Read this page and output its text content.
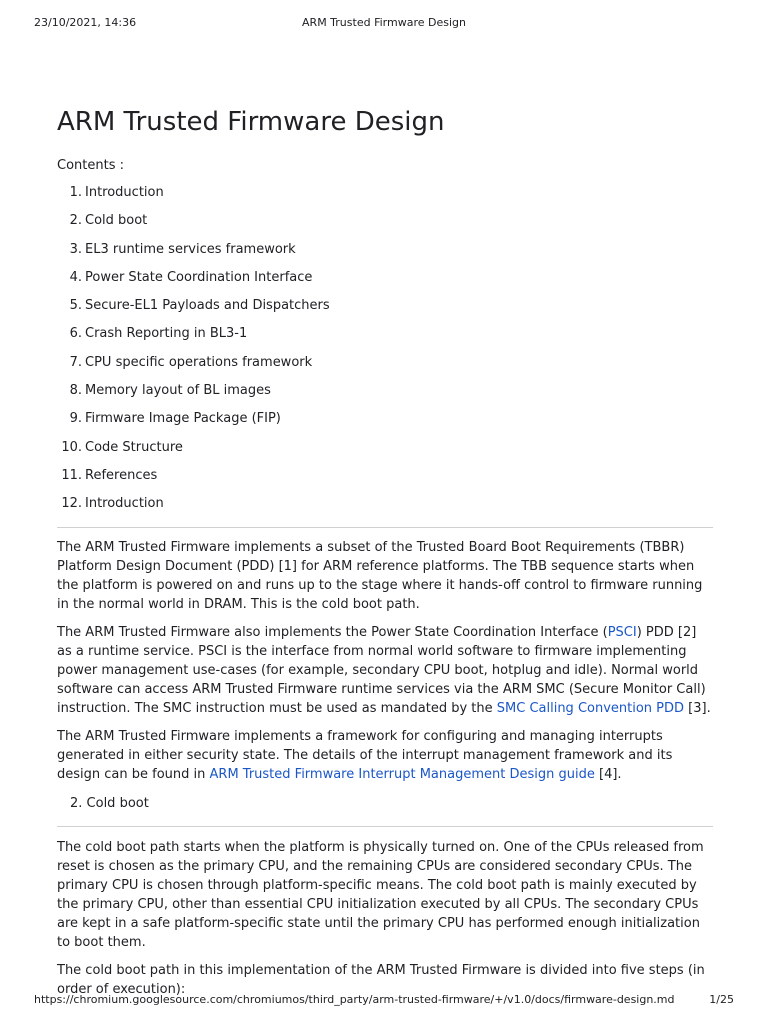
23/10/2021, 14:36	ARM Trusted Firmware Design
ARM Trusted Firmware Design
Contents :
1. Introduction
2. Cold boot
3. EL3 runtime services framework
4. Power State Coordination Interface
5. Secure-EL1 Payloads and Dispatchers
6. Crash Reporting in BL3-1
7. CPU specific operations framework
8. Memory layout of BL images
9. Firmware Image Package (FIP)
10. Code Structure
11. References
12. Introduction

The ARM Trusted Firmware implements a subset of the Trusted Board Boot Requirements (TBBR) Platform Design Document (PDD) [1] for ARM reference platforms. The TBB sequence starts when the platform is powered on and runs up to the stage where it hands-off control to firmware running in the normal world in DRAM. This is the cold boot path.

The ARM Trusted Firmware also implements the Power State Coordination Interface (PSCI) PDD [2] as a runtime service. PSCI is the interface from normal world software to firmware implementing power management use-cases (for example, secondary CPU boot, hotplug and idle). Normal world software can access ARM Trusted Firmware runtime services via the ARM SMC (Secure Monitor Call) instruction. The SMC instruction must be used as mandated by the SMC Calling Convention PDD [3].

The ARM Trusted Firmware implements a framework for configuring and managing interrupts generated in either security state. The details of the interrupt management framework and its design can be found in ARM Trusted Firmware Interrupt Management Design guide [4].

2. Cold boot

The cold boot path starts when the platform is physically turned on. One of the CPUs released from reset is chosen as the primary CPU, and the remaining CPUs are considered secondary CPUs. The primary CPU is chosen through platform-specific means. The cold boot path is mainly executed by the primary CPU, other than essential CPU initialization executed by all CPUs. The secondary CPUs are kept in a safe platform-specific state until the primary CPU has performed enough initialization to boot them.

The cold boot path in this implementation of the ARM Trusted Firmware is divided into five steps (in order of execution):

https://chromium.googlesource.com/chromiumos/third_party/arm-trusted-firmware/+/v1.0/docs/firmware-design.md	1/25
